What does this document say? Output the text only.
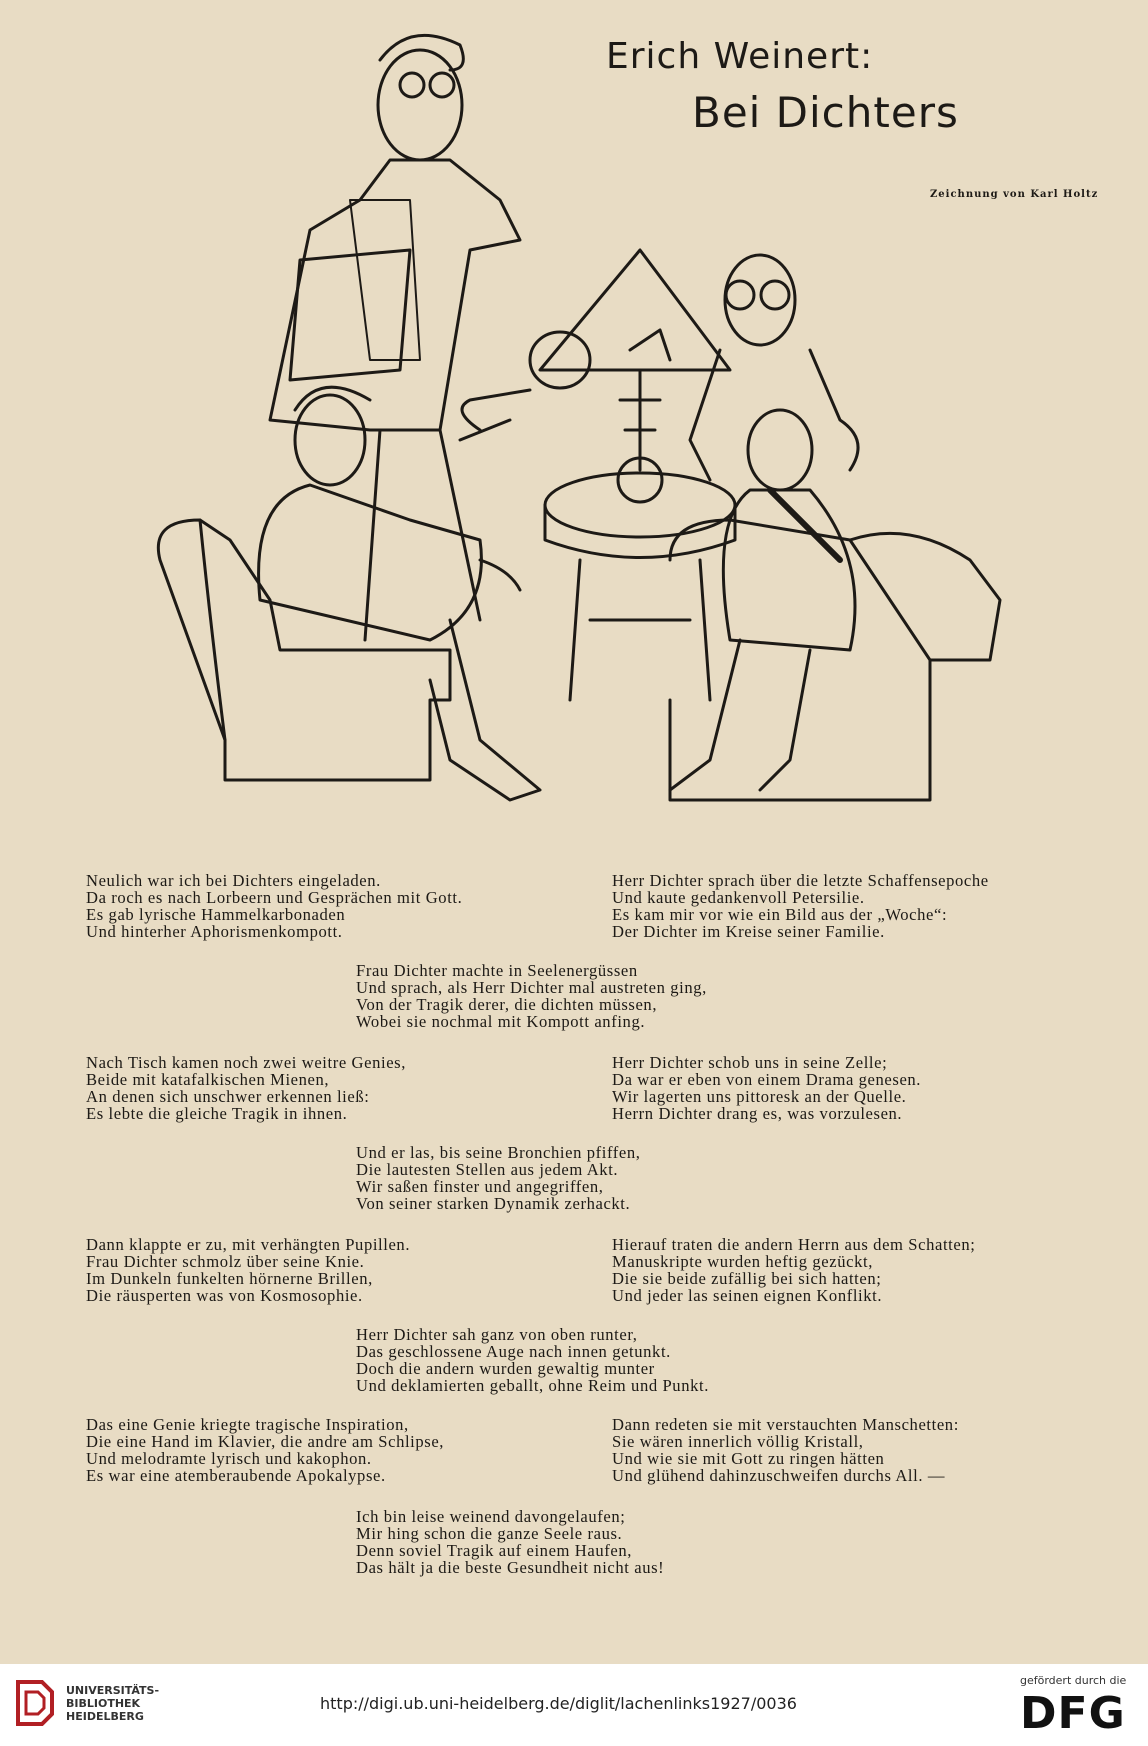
Erich Weinert:
Bei Dichters
Zeichnung von Karl Holtz

Neulich war ich bei Dichters eingeladen.
Da roch es nach Lorbeern und Gesprächen mit Gott.
Es gab lyrische Hammelkarbonaden
Und hinterher Aphorismenkompott.

Herr Dichter sprach über die letzte Schaffensepoche
Und kaute gedankenvoll Petersilie.
Es kam mir vor wie ein Bild aus der „Woche“:
Der Dichter im Kreise seiner Familie.

Frau Dichter machte in Seelenergüssen
Und sprach, als Herr Dichter mal austreten ging,
Von der Tragik derer, die dichten müssen,
Wobei sie nochmal mit Kompott anfing.

Nach Tisch kamen noch zwei weitre Genies,
Beide mit katafalkischen Mienen,
An denen sich unschwer erkennen ließ:
Es lebte die gleiche Tragik in ihnen.

Herr Dichter schob uns in seine Zelle;
Da war er eben von einem Drama genesen.
Wir lagerten uns pittoresk an der Quelle.
Herrn Dichter drang es, was vorzulesen.

Und er las, bis seine Bronchien pfiffen,
Die lautesten Stellen aus jedem Akt.
Wir saßen finster und angegriffen,
Von seiner starken Dynamik zerhackt.

Dann klappte er zu, mit verhängten Pupillen.
Frau Dichter schmolz über seine Knie.
Im Dunkeln funkelten hörnerne Brillen,
Die räusperten was von Kosmosophie.

Hierauf traten die andern Herrn aus dem Schatten;
Manuskripte wurden heftig gezückt,
Die sie beide zufällig bei sich hatten;
Und jeder las seinen eignen Konflikt.

Herr Dichter sah ganz von oben runter,
Das geschlossene Auge nach innen getunkt.
Doch die andern wurden gewaltig munter
Und deklamierten geballt, ohne Reim und Punkt.

Das eine Genie kriegte tragische Inspiration,
Die eine Hand im Klavier, die andre am Schlipse,
Und melodramte lyrisch und kakophon.
Es war eine atemberaubende Apokalypse.

Dann redeten sie mit verstauchten Manschetten:
Sie wären innerlich völlig Kristall,
Und wie sie mit Gott zu ringen hätten
Und glühend dahinzuschweifen durchs All. —

Ich bin leise weinend davongelaufen;
Mir hing schon die ganze Seele raus.
Denn soviel Tragik auf einem Haufen,
Das hält ja die beste Gesundheit nicht aus!

UNIVERSITÄTS-
BIBLIOTHEK
HEIDELBERG
http://digi.ub.uni-heidelberg.de/diglit/lachenlinks1927/0036
gefördert durch die
DFG
